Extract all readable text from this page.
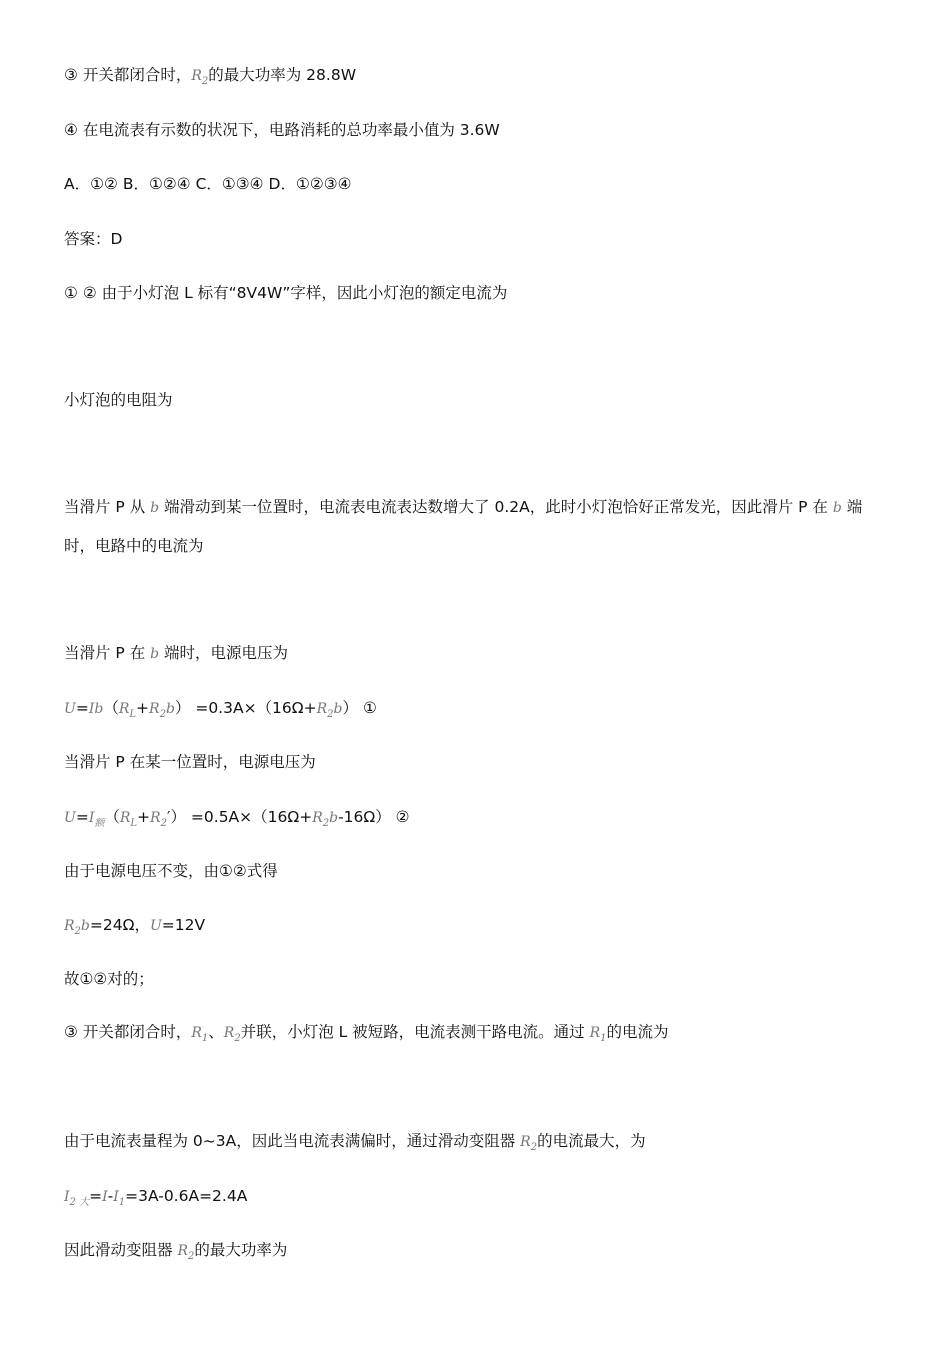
③ 开关都闭合时，$R_2$的最大功率为 28.8W

④ 在电流表有示数的状况下，电路消耗的总功率最小值为 3.6W

A．①② B．①②④ C．①③④ D．①②③④

答案：D

① ② 由于小灯泡 L 标有“8V4W”字样，因此小灯泡的额定电流为

小灯泡的电阻为

当滑片 P 从 b 端滑动到某一位置时，电流表电流表达数增大了 0.2A，此时小灯泡恰好正常发光，因此滑片 P 在 b 端时，电路中的电流为

当滑片 P 在 b 端时，电源电压为

$U=Ib(R_L+R_2b) =0.3A\times(16\Omega+R_2b)$ ①

当滑片 P 在某一位置时，电源电压为

$U=I_额(R_L+R_2') =0.5A\times(16\Omega+R_2b-16\Omega)$ ②

由于电源电压不变，由①②式得

$R_2b=24\Omega$，U=12V

故①②对的；

③ 开关都闭合时，$R_1$、$R_2$并联，小灯泡 L 被短路，电流表测干路电流。通过 $R_1$的电流为

由于电流表量程为 0~3A，因此当电流表满偏时，通过滑动变阻器 $R_2$的电流最大，为

$I_{2 大}=I-I_1=3A-0.6A=2.4A$

因此滑动变阻器 $R_2$的最大功率为
